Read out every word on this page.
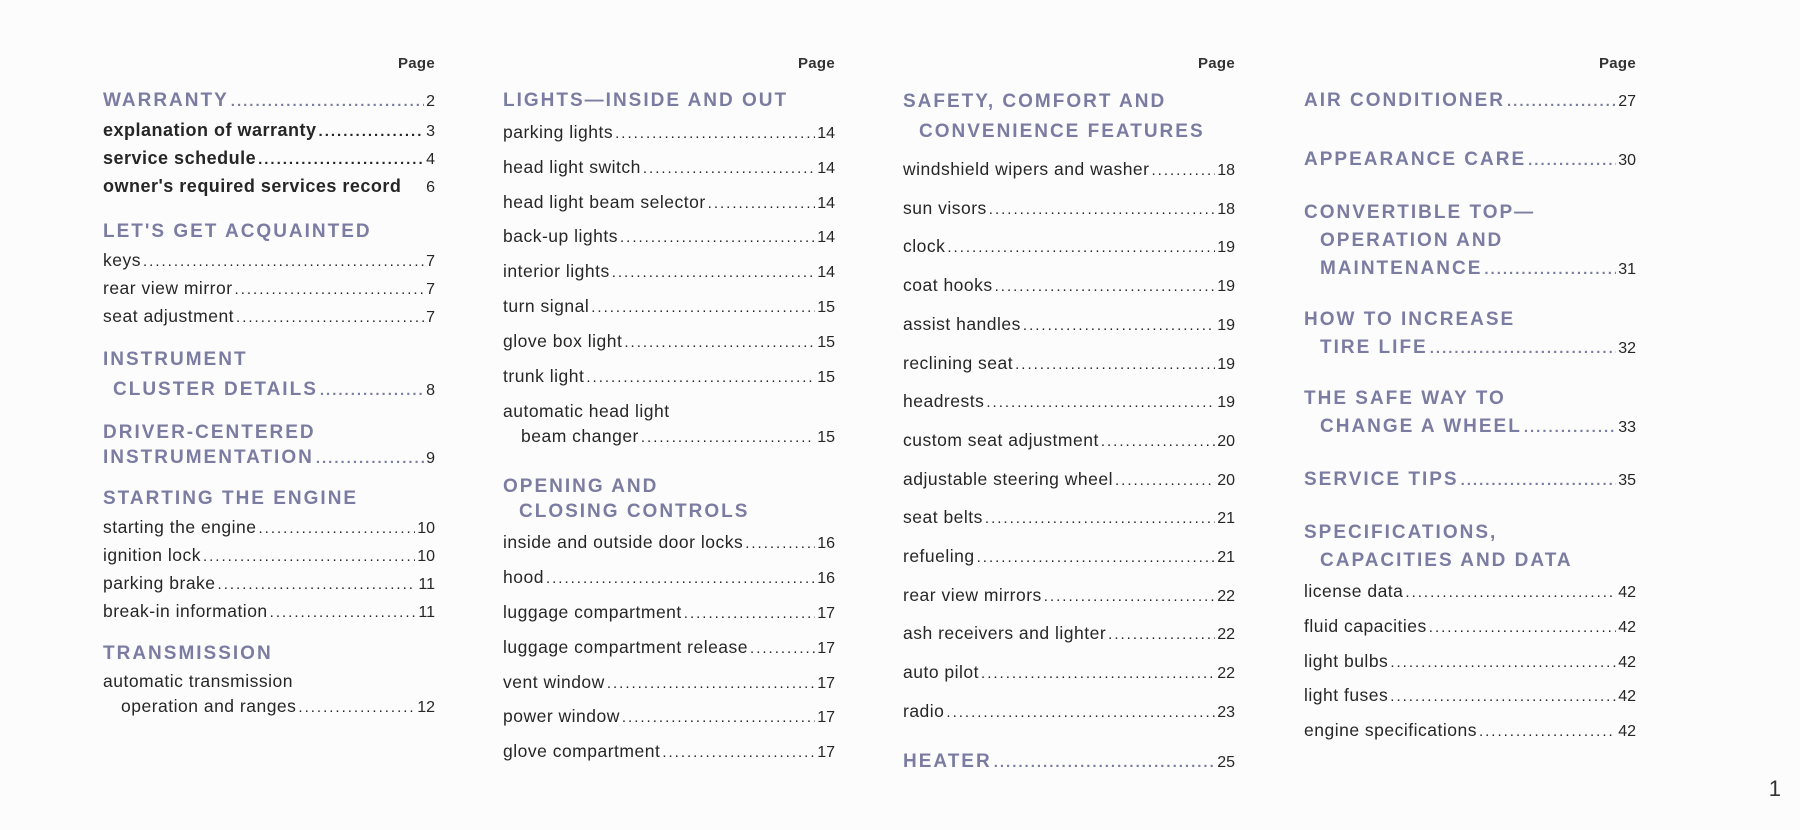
Page
WARRANTY .....	2
explanation of warranty .....	3
service schedule .....	4
owner's required services record 6
LET'S GET ACQUAINTED
keys .....	7
rear view mirror .....	7
seat adjustment .....	7
INSTRUMENT
CLUSTER DETAILS .....	8
DRIVER-CENTERED
INSTRUMENTATION .....	9
STARTING THE ENGINE
starting the engine .....	10
ignition lock .....	10
parking brake .....	11
break-in information .....	11
TRANSMISSION
automatic transmission
operation and ranges .....	12
Page
LIGHTS—INSIDE AND OUT
parking lights .....	14
head light switch .....	14
head light beam selector .....	14
back-up lights .....	14
interior lights .....	14
turn signal .....	15
glove box light .....	15
trunk light .....	15
automatic head light
beam changer .....	15
OPENING AND
CLOSING CONTROLS
inside and outside door locks .....	16
hood .....	16
luggage compartment .....	17
luggage compartment release .....	17
vent window .....	17
power window .....	17
glove compartment .....	17
Page
SAFETY, COMFORT AND
CONVENIENCE FEATURES
windshield wipers and washer .....	18
sun visors .....	18
clock .....	19
coat hooks .....	19
assist handles .....	19
reclining seat .....	19
headrests .....	19
custom seat adjustment .....	20
adjustable steering wheel .....	20
seat belts .....	21
refueling .....	21
rear view mirrors .....	22
ash receivers and lighter .....	22
auto pilot .....	22
radio .....	23
HEATER .....	25
Page
AIR CONDITIONER .....	27
APPEARANCE CARE .....	30
CONVERTIBLE TOP—
OPERATION AND
MAINTENANCE .....	31
HOW TO INCREASE
TIRE LIFE .....	32
THE SAFE WAY TO
CHANGE A WHEEL .....	33
SERVICE TIPS .....	35
SPECIFICATIONS,
CAPACITIES AND DATA
license data .....	42
fluid capacities .....	42
light bulbs .....	42
light fuses .....	42
engine specifications .....	42
1
